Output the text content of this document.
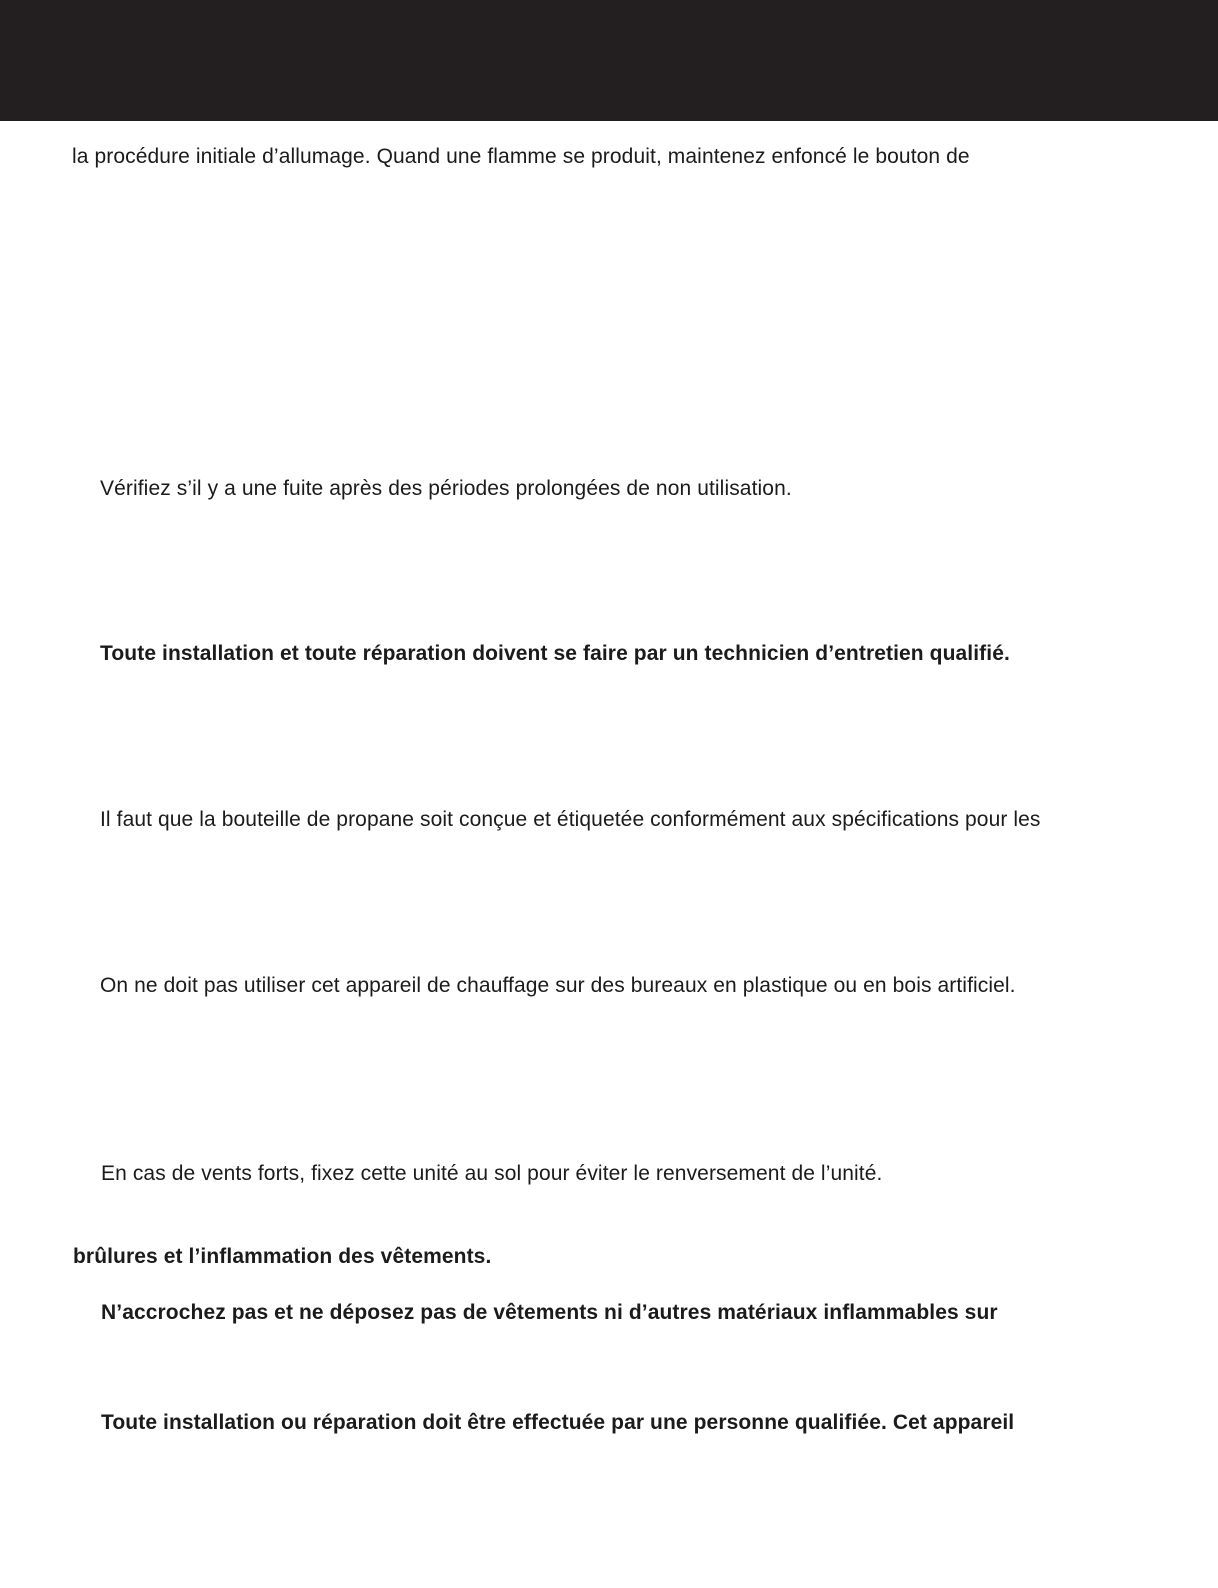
la procédure initiale d’allumage. Quand une flamme se produit, maintenez enfoncé le bouton de
Vérifiez s’il y a une fuite après des périodes prolongées de non utilisation.
Toute installation et toute réparation doivent se faire par un technicien d’entretien qualifié.
Il faut que la bouteille de propane soit conçue et étiquetée conformément aux spécifications pour les
On ne doit pas utiliser cet appareil de chauffage sur des bureaux en plastique ou en bois artificiel.
En cas de vents forts, fixez cette unité au sol pour éviter le renversement de l’unité.
brûlures et l’inflammation des vêtements.
N’accrochez pas et ne déposez pas de vêtements ni d’autres matériaux inflammables sur
Toute installation ou réparation doit être effectuée par une personne qualifiée. Cet appareil
